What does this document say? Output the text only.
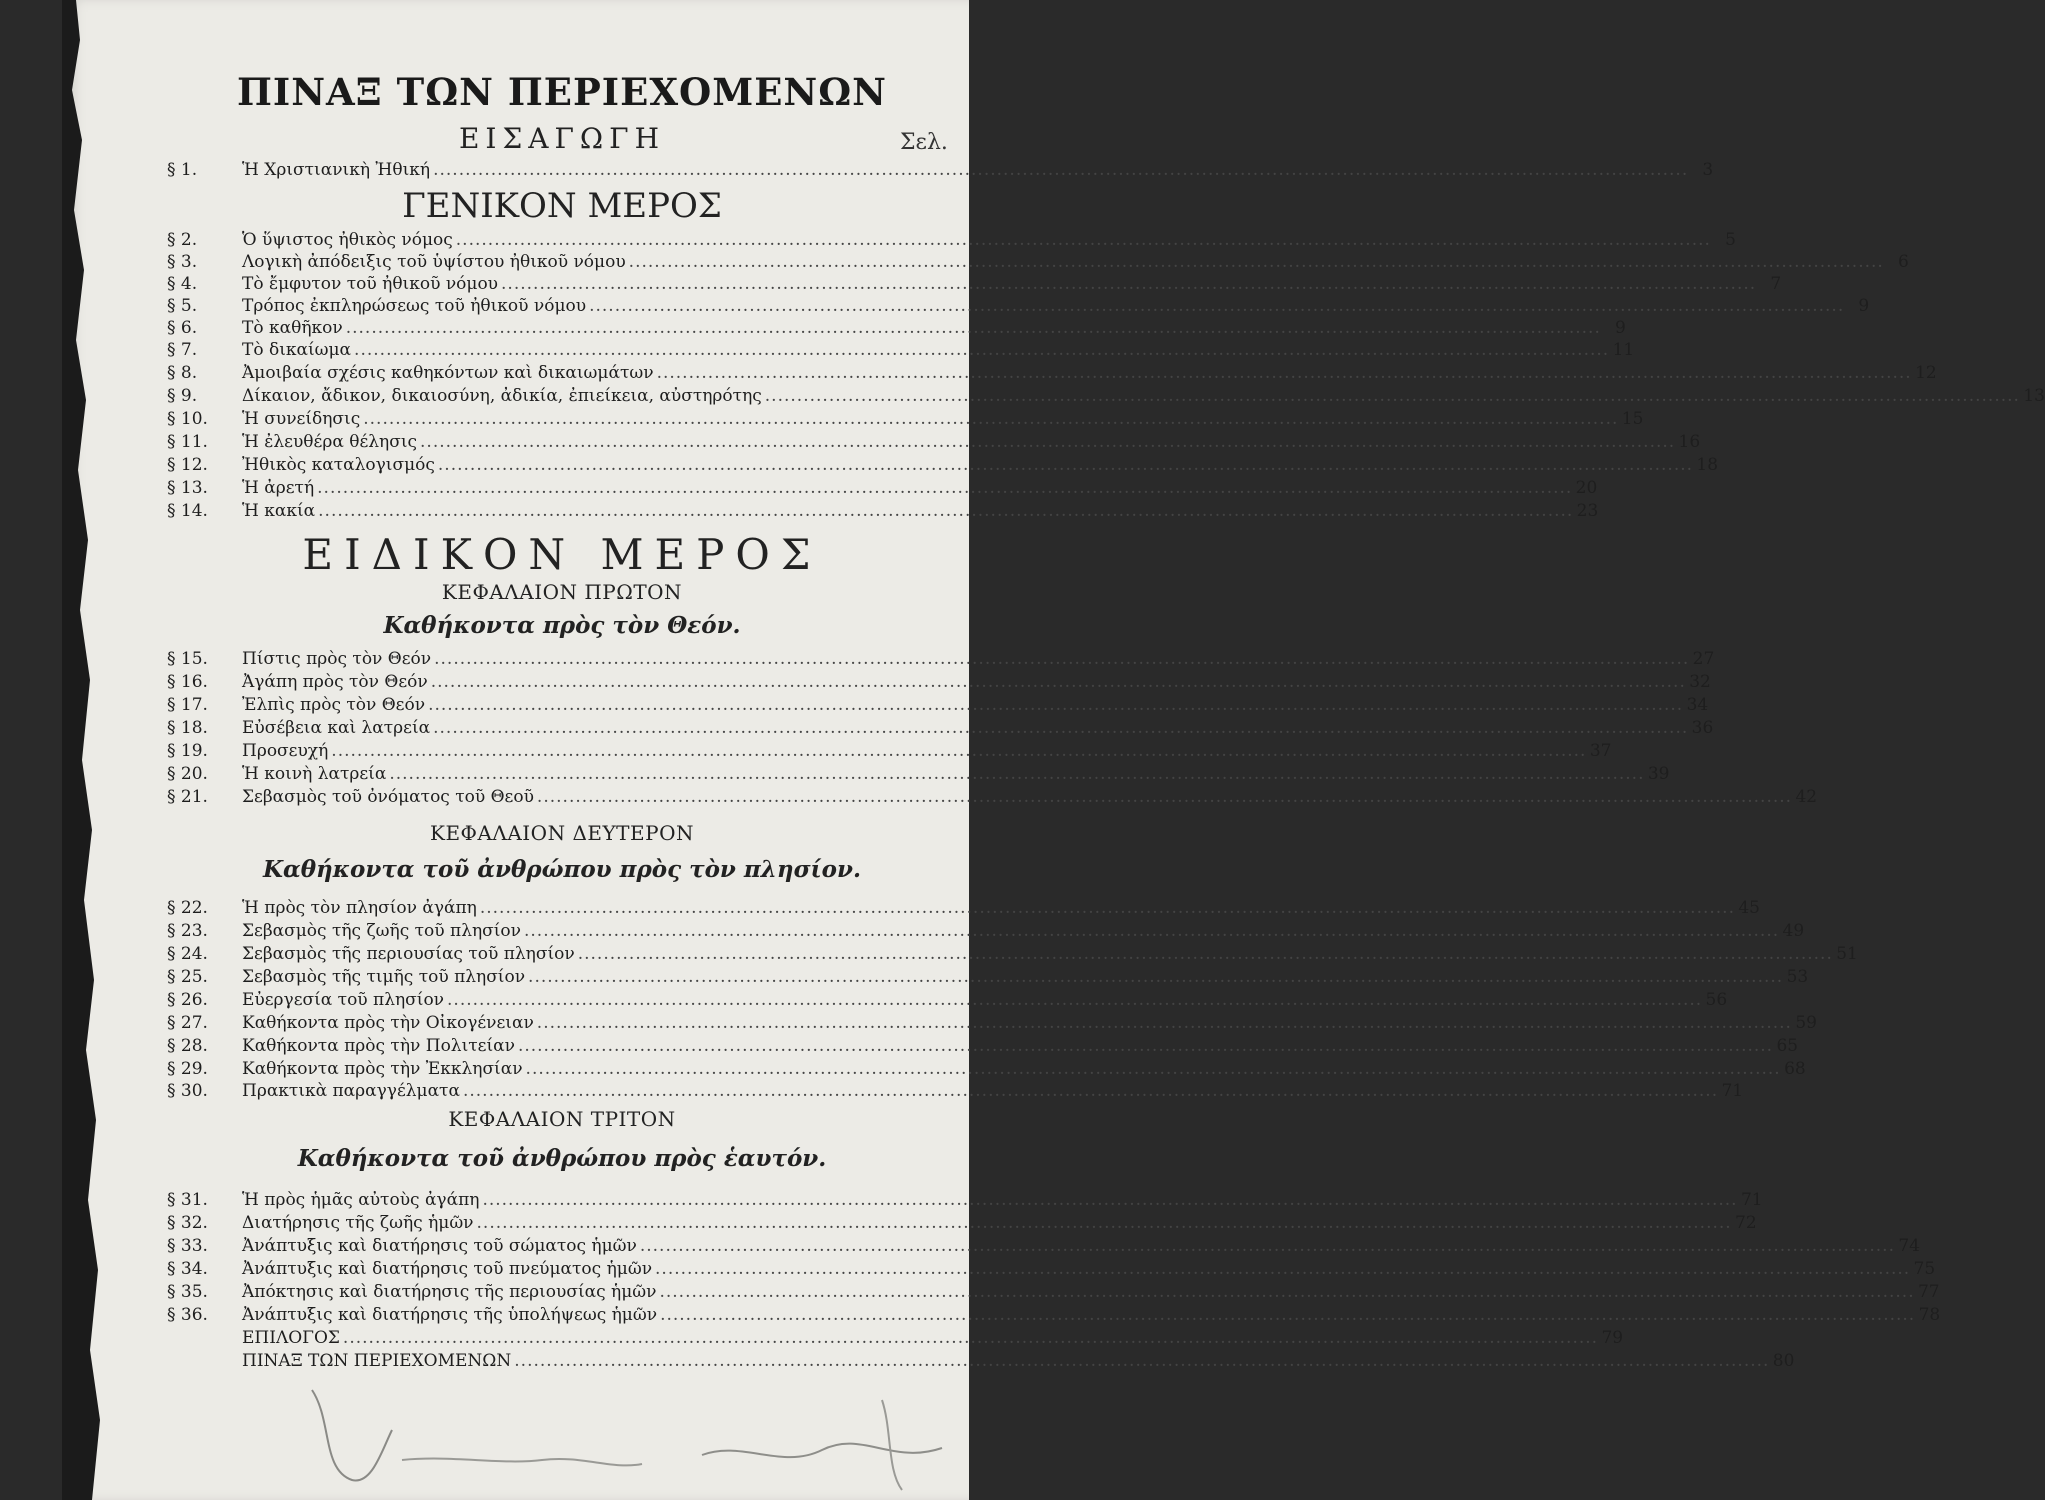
ΠΙΝΑΞ ΤΩΝ ΠΕΡΙΕΧΟΜΕΝΩΝ
ΕΙΣΑΓΩΓΗ	Σελ.
ΓΕΝΙΚΟΝ ΜΕΡΟΣ
ΕΙΔΙΚΟΝ ΜΕΡΟΣ
ΚΕΦΑΛΑΙΟΝ ΠΡΩΤΟΝ
Καθήκοντα πρὸς τὸν Θεόν.
ΚΕΦΑΛΑΙΟΝ ΔΕΥΤΕΡΟΝ
Καθήκοντα τοῦ ἀνθρώπου πρὸς τὸν πλησίον.
ΚΕΦΑΛΑΙΟΝ ΤΡΙΤΟΝ
Καθήκοντα τοῦ ἀνθρώπου πρὸς ἑαυτόν.
§ 1.	Ἡ Χριστιανικὴ Ἠθική .....	3
§ 2.	Ὁ ὕψιστος ἠθικὸς νόμος .....	5
§ 3.	Λογικὴ ἀπόδειξις τοῦ ὑψίστου ἠθικοῦ νόμου .....	6
§ 4.	Τὸ ἔμφυτον τοῦ ἠθικοῦ νόμου .....	7
§ 5.	Τρόπος ἐκπληρώσεως τοῦ ἠθικοῦ νόμου .....	9
§ 6.	Τὸ καθῆκον .....	9
§ 7.	Τὸ δικαίωμα .....	11
§ 8.	Ἀμοιβαία σχέσις καθηκόντων καὶ δικαιωμάτων .....	12
§ 9.	Δίκαιον, ἄδικον, δικαιοσύνη, ἀδικία, ἐπιείκεια, αὐστηρότης .....	13
§ 10.	Ἡ συνείδησις .....	15
§ 11.	Ἡ ἐλευθέρα θέλησις .....	16
§ 12.	Ἠθικὸς καταλογισμός .....	18
§ 13.	Ἡ ἀρετή .....	20
§ 14.	Ἡ κακία .....	23
§ 15.	Πίστις πρὸς τὸν Θεόν .....	27
§ 16.	Ἀγάπη πρὸς τὸν Θεόν .....	32
§ 17.	Ἐλπὶς πρὸς τὸν Θεόν .....	34
§ 18.	Εὐσέβεια καὶ λατρεία .....	36
§ 19.	Προσευχή .....	37
§ 20.	Ἡ κοινὴ λατρεία .....	39
§ 21.	Σεβασμὸς τοῦ ὀνόματος τοῦ Θεοῦ .....	42
§ 22.	Ἡ πρὸς τὸν πλησίον ἀγάπη .....	45
§ 23.	Σεβασμὸς τῆς ζωῆς τοῦ πλησίον .....	49
§ 24.	Σεβασμὸς τῆς περιουσίας τοῦ πλησίον .....	51
§ 25.	Σεβασμὸς τῆς τιμῆς τοῦ πλησίον .....	53
§ 26.	Εὐεργεσία τοῦ πλησίον .....	56
§ 27.	Καθήκοντα πρὸς τὴν Οἰκογένειαν .....	59
§ 28.	Καθήκοντα πρὸς τὴν Πολιτείαν .....	65
§ 29.	Καθήκοντα πρὸς τὴν Ἐκκλησίαν .....	68
§ 30.	Πρακτικὰ παραγγέλματα .....	71
§ 31.	Ἡ πρὸς ἡμᾶς αὐτοὺς ἀγάπη .....	71
§ 32.	Διατήρησις τῆς ζωῆς ἡμῶν .....	72
§ 33.	Ἀνάπτυξις καὶ διατήρησις τοῦ σώματος ἡμῶν .....	74
§ 34.	Ἀνάπτυξις καὶ διατήρησις τοῦ πνεύματος ἡμῶν .....	75
§ 35.	Ἀπόκτησις καὶ διατήρησις τῆς περιουσίας ἡμῶν .....	77
§ 36.	Ἀνάπτυξις καὶ διατήρησις τῆς ὑπολήψεως ἡμῶν .....	78
ΕΠΙΛΟΓΟΣ .....	79
ΠΙΝΑΞ ΤΩΝ ΠΕΡΙΕΧΟΜΕΝΩΝ .....	80
